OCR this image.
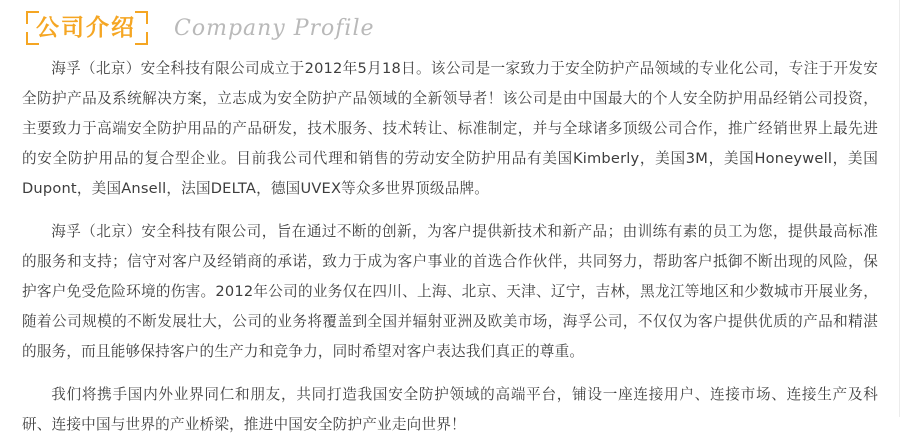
公司介绍	Company Profile

海孚（北京）安全科技有限公司成立于2012年5月18日。该公司是一家致力于安全防护产品领域的专业化公司，专注于开发安全防护产品及系统解决方案，立志成为安全防护产品领域的全新领导者！该公司是由中国最大的个人安全防护用品经销公司投资，主要致力于高端安全防护用品的产品研发，技术服务、技术转让、标准制定，并与全球诸多顶级公司合作，推广经销世界上最先进的安全防护用品的复合型企业。目前我公司代理和销售的劳动安全防护用品有美国Kimberly，美国3M，美国Honeywell，美国Dupont，美国Ansell，法国DELTA，德国UVEX等众多世界顶级品牌。

海孚（北京）安全科技有限公司，旨在通过不断的创新，为客户提供新技术和新产品；由训练有素的员工为您，提供最高标准的服务和支持；信守对客户及经销商的承诺，致力于成为客户事业的首选合作伙伴，共同努力，帮助客户抵御不断出现的风险，保护客户免受危险环境的伤害。2012年公司的业务仅在四川、上海、北京、天津、辽宁，吉林，黑龙江等地区和少数城市开展业务，随着公司规模的不断发展壮大，公司的业务将覆盖到全国并辐射亚洲及欧美市场，海孚公司，不仅仅为客户提供优质的产品和精湛的服务，而且能够保持客户的生产力和竞争力，同时希望对客户表达我们真正的尊重。

我们将携手国内外业界同仁和朋友，共同打造我国安全防护领域的高端平台，铺设一座连接用户、连接市场、连接生产及科研、连接中国与世界的产业桥梁，推进中国安全防护产业走向世界！
